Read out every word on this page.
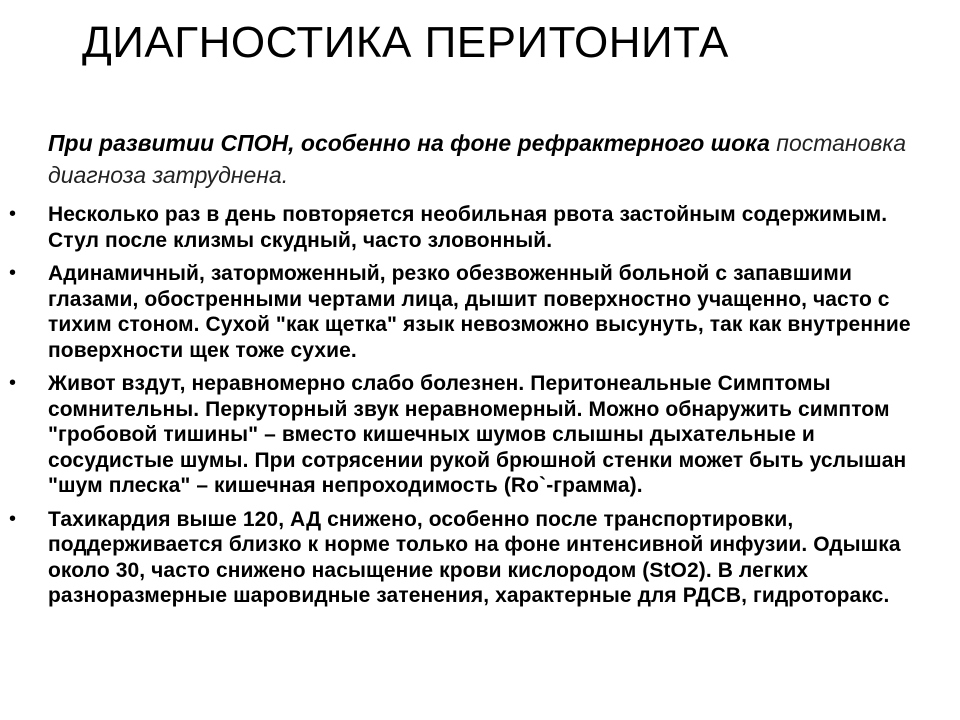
ДИАГНОСТИКА ПЕРИТОНИТА

При развитии СПОН, особенно на фоне рефрактерного шока постановка диагноза затруднена.

• Несколько раз в день повторяется необильная рвота застойным содержимым. Стул после клизмы скудный, часто зловонный.
• Адинамичный, заторможенный, резко обезвоженный больной с запавшими глазами, обостренными чертами лица, дышит поверхностно учащенно, часто с тихим стоном. Сухой "как щетка" язык невозможно высунуть, так как внутренние поверхности щек тоже сухие.
• Живот вздут, неравномерно слабо болезнен. Перитонеальные Симптомы сомнительны. Перкуторный звук неравномерный. Можно обнаружить симптом "гробовой тишины" – вместо кишечных шумов слышны дыхательные и сосудистые шумы. При сотрясении рукой брюшной стенки может быть услышан "шум плеска" – кишечная непроходимость (Ro`-грамма).
• Тахикардия выше 120, АД снижено, особенно после транспортировки, поддерживается близко к норме только на фоне интенсивной инфузии. Одышка около 30, часто снижено насыщение крови кислородом (StO2). В легких разноразмерные шаровидные затенения, характерные для РДСВ, гидроторакс.
